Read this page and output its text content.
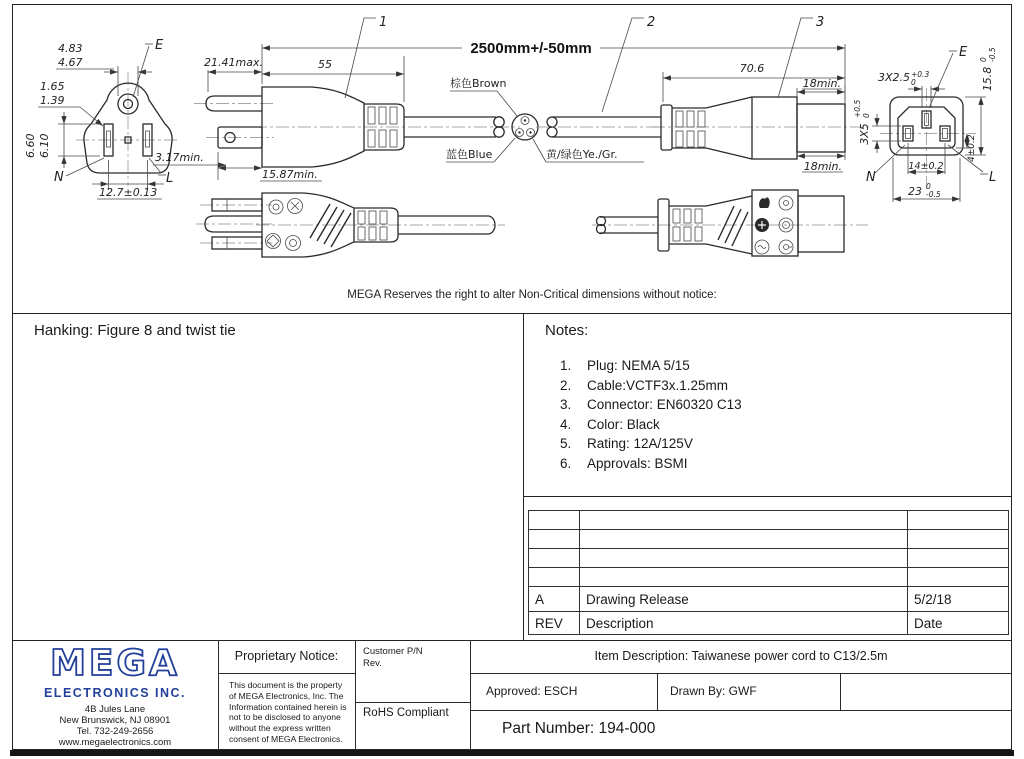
4.83
4.67
E
1.65
1.39
6.60 6.10
N	L
12.7±0.13
3.17min.
21.41max.	55
15.87min.
2500mm+/-50mm
1
棕色Brown
蓝色Blue	黄/绿色Ye./Gr.
70.6
18min.
18min.
2	3
3X2.5 +0.3
0
E
15.8
0 -0.5
3X5
+0.5 0
N	L
14±0.2
4±0.2
23 0
-0.5
MEGA Reserves the right to alter Non-Critical dimensions without notice:
Hanking: Figure 8 and twist tie	Notes:
1. Plug: NEMA 5/15
2. Cable:VCTF3x.1.25mm
3. Connector: EN60320 C13
4. Color: Black
5. Rating: 12A/125V
6. Approvals: BSMI

A	Drawing Release	5/2/18
REV	Description	Date
MEGA
ELECTRONICS INC.
4B Jules Lane
New Brunswick, NJ 08901
Tel. 732-249-2656
www.megaelectronics.com
Proprietary Notice:
This document is the property of MEGA Electronics, Inc. The Information contained herein is not to be disclosed to anyone without the express written consent of MEGA Electronics.
Customer P/N
Rev.
RoHS Compliant
Item Description: Taiwanese power cord to C13/2.5m
Approved: ESCH	Drawn By: GWF
Part Number: 194-000
